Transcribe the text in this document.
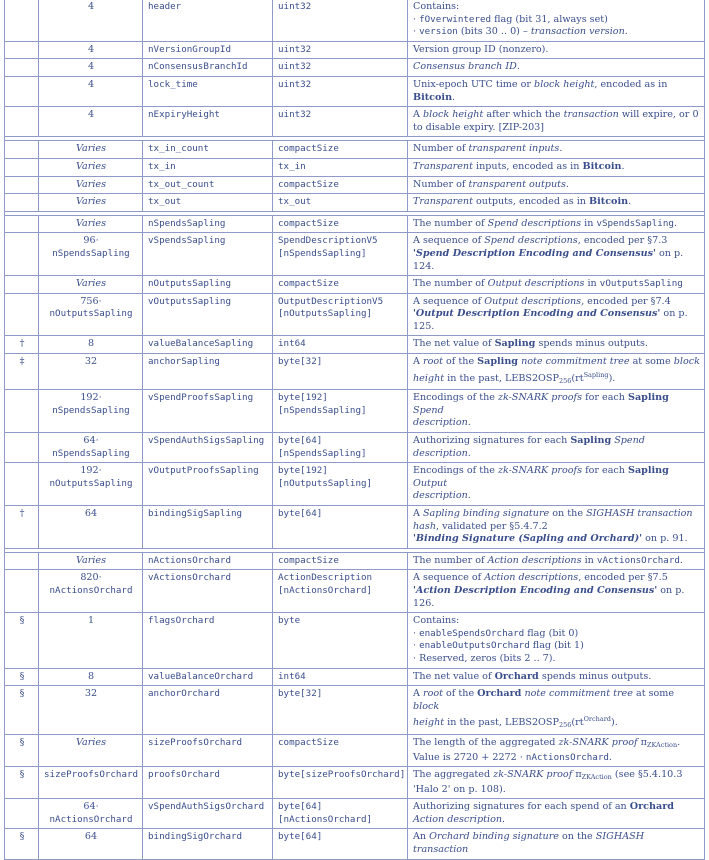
	4	header	uint32	Contains:
· fOverwintered flag (bit 31, always set)
· version (bits 30 .. 0) – transaction version.

	4	nVersionGroupId	uint32	Version group ID (nonzero).

	4	nConsensusBranchId	uint32	Consensus branch ID.

	4	lock_time	uint32	Unix-epoch UTC time or block height, encoded as in
Bitcoin.

	4	nExpiryHeight	uint32	A block height after which the transaction will expire, or 0
to disable expiry. [ZIP-203]

	Varies	tx_in_count	compactSize	Number of transparent inputs.

	Varies	tx_in	tx_in	Transparent inputs, encoded as in Bitcoin.

	Varies	tx_out_count	compactSize	Number of transparent outputs.

	Varies	tx_out	tx_out	Transparent outputs, encoded as in Bitcoin.

	Varies	nSpendsSapling	compactSize	The number of Spend descriptions in vSpendsSapling.

	96·
nSpendsSapling	vSpendsSapling	SpendDescriptionV5
[nSpendsSapling]	A sequence of Spend descriptions, encoded per §7.3
'Spend Description Encoding and Consensus' on p. 124.

	Varies	nOutputsSapling	compactSize	The number of Output descriptions in vOutputsSapling

	756·
nOutputsSapling	vOutputsSapling	OutputDescriptionV5
[nOutputsSapling]	A sequence of Output descriptions, encoded per §7.4
'Output Description Encoding and Consensus' on p. 125.

†	8	valueBalanceSapling	int64	The net value of Sapling spends minus outputs.

‡	32	anchorSapling	byte[32]	A root of the Sapling note commitment tree at some block
height in the past, $LEBS2OSP_{256}(rt^{Sapling})$.

	192·
nSpendsSapling	vSpendProofsSapling	byte[192]
[nSpendsSapling]	Encodings of the zk-SNARK proofs for each Sapling Spend
description.

	64·
nSpendsSapling	vSpendAuthSigsSapling	byte[64]
[nSpendsSapling]	Authorizing signatures for each Sapling Spend description.

	192·
nOutputsSapling	vOutputProofsSapling	byte[192]
[nOutputsSapling]	Encodings of the zk-SNARK proofs for each Sapling Output
description.

†	64	bindingSigSapling	byte[64]	A Sapling binding signature on the SIGHASH transaction
hash, validated per §5.4.7.2
'Binding Signature (Sapling and Orchard)' on p. 91.

	Varies	nActionsOrchard	compactSize	The number of Action descriptions in vActionsOrchard.

	820·
nActionsOrchard	vActionsOrchard	ActionDescription
[nActionsOrchard]	A sequence of Action descriptions, encoded per §7.5
'Action Description Encoding and Consensus' on p. 126.

§	1	flagsOrchard	byte	Contains:
· enableSpendsOrchard flag (bit 0)
· enableOutputsOrchard flag (bit 1)
· Reserved, zeros (bits 2 .. 7).

§	8	valueBalanceOrchard	int64	The net value of Orchard spends minus outputs.

§	32	anchorOrchard	byte[32]	A root of the Orchard note commitment tree at some block
height in the past, $LEBS2OSP_{256}(rt^{Orchard})$.

§	Varies	sizeProofsOrchard	compactSize	The length of the aggregated zk-SNARK proof $\pi_{ZKAction}$.
Value is 2720 + 2272 · nActionsOrchard.

§	sizeProofsOrchard	proofsOrchard	byte[sizeProofsOrchard]	The aggregated zk-SNARK proof $\pi_{ZKAction}$ (see §5.4.10.3
'Halo 2' on p. 108).

	64·
nActionsOrchard	vSpendAuthSigsOrchard	byte[64]
[nActionsOrchard]	Authorizing signatures for each spend of an Orchard
Action description.

§	64	bindingSigOrchard	byte[64]	An Orchard binding signature on the SIGHASH transaction
